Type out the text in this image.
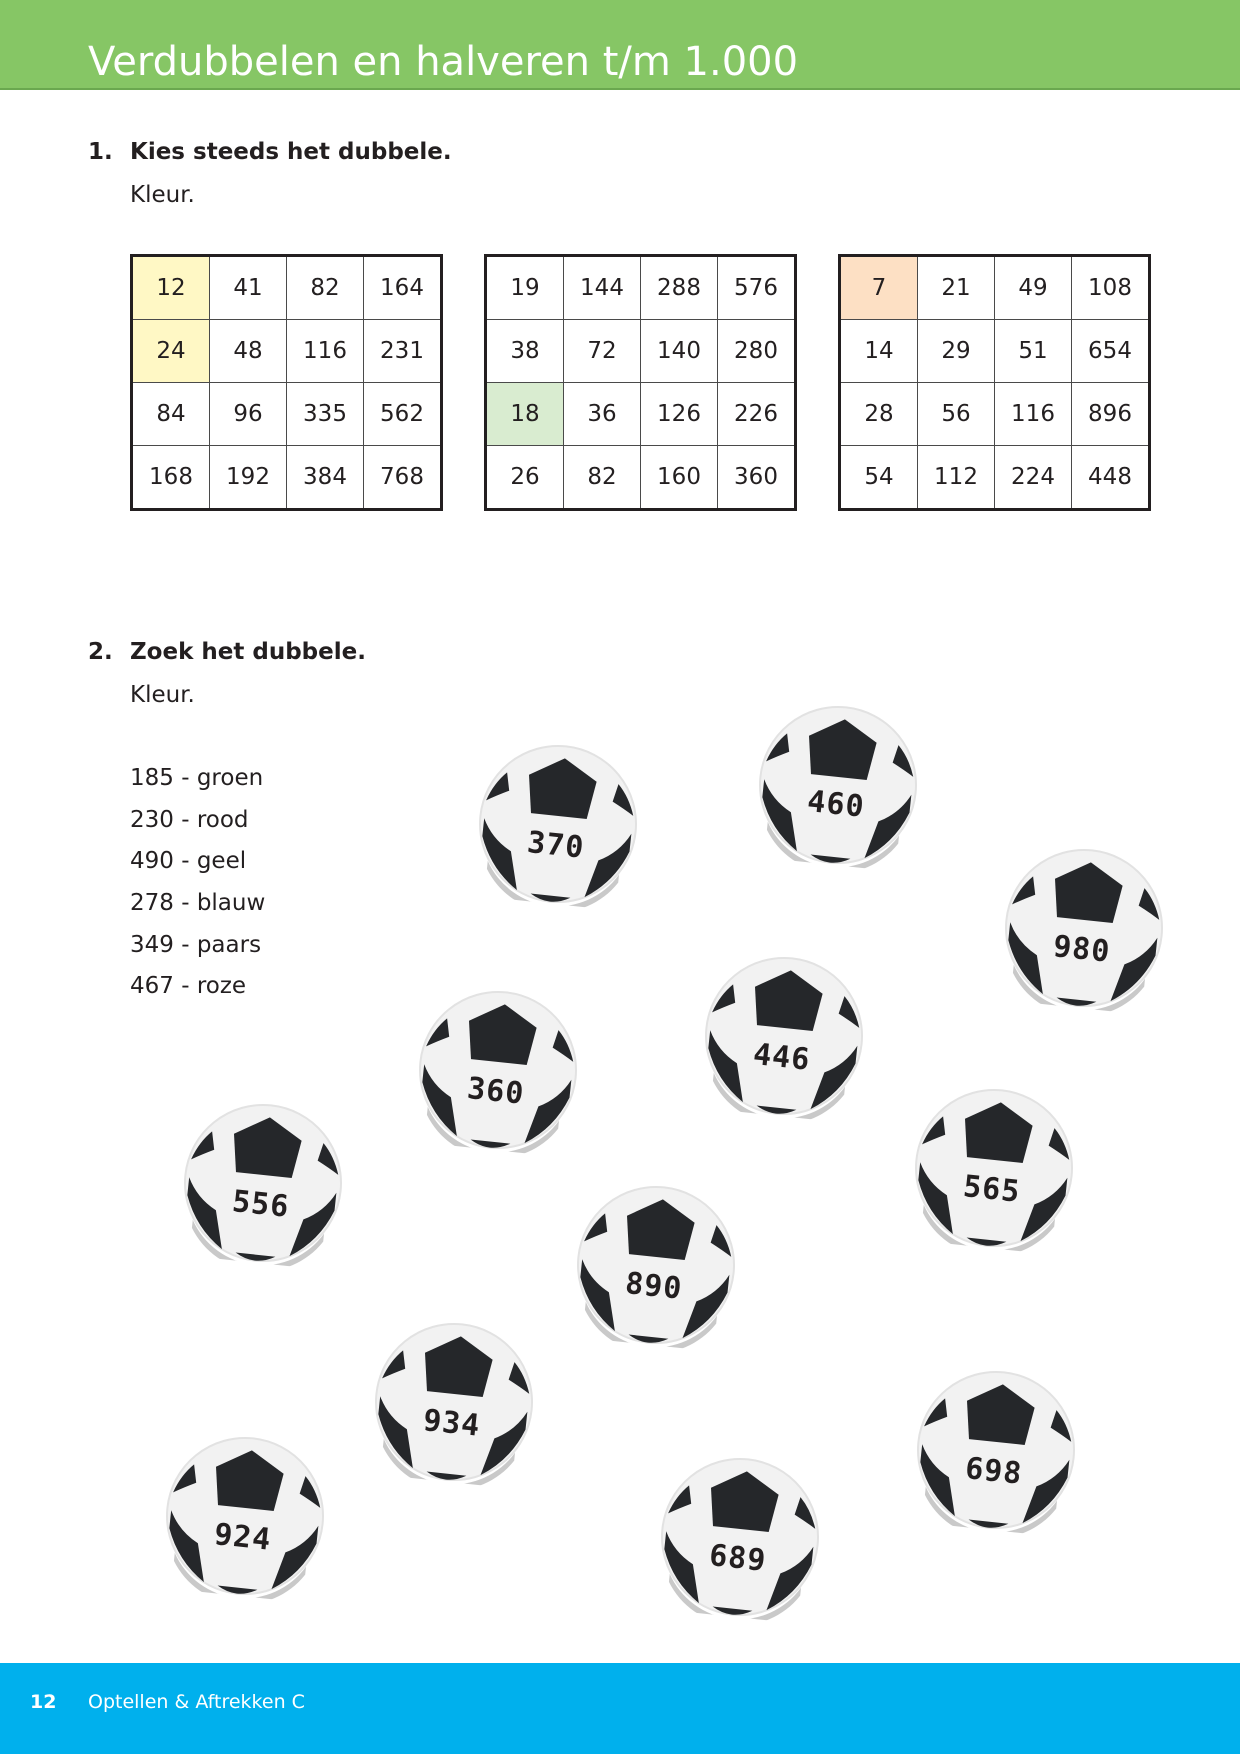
Verdubbelen en halveren t/m 1.000
1. Kies steeds het dubbele.
Kleur.
12	41	82	164
24	48	116	231
84	96	335	562
168	192	384	768
19	144	288	576
38	72	140	280
18	36	126	226
26	82	160	360
7	21	49	108
14	29	51	654
28	56	116	896
54	112	224	448
2. Zoek het dubbele.
Kleur.
185 - groen
230 - rood
490 - geel
278 - blauw
349 - paars
467 - roze
370
460
980
446
360
565
556
890
934
698
924
689
12 Optellen & Aftrekken C
